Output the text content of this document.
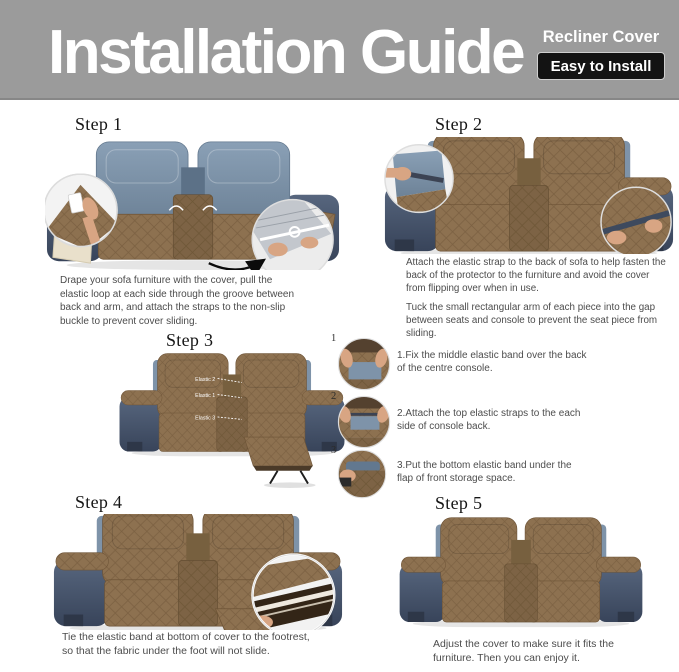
Installation Guide	Recliner Cover
Easy to Install
Step 1
Drape your sofa furniture with the cover, pull the elastic loop at each side through the groove between back and arm, and attach the straps to the non-slip buckle to prevent cover sliding.
Step 2

Attach the elastic strap to the back of sofa to help fasten the back of the protector to the furniture and avoid the cover from flipping over when in use.

Tuck the small rectangular arm of each piece into the gap between seats and console to prevent the seat piece from sliding.

Step 3
Elastic 2
Elastic 1
Elastic 3
1
1.Fix the middle elastic band over the back of the centre console.
2
2.Attach the top elastic straps to the each side of console back.
3
3.Put the bottom elastic band under the flap of front storage space.
Step 4
Tie the elastic band at bottom of cover to the footrest, so that the fabric under the foot will not slide.
Step 5
Adjust the cover to make sure it fits the furniture. Then you can enjoy it.
